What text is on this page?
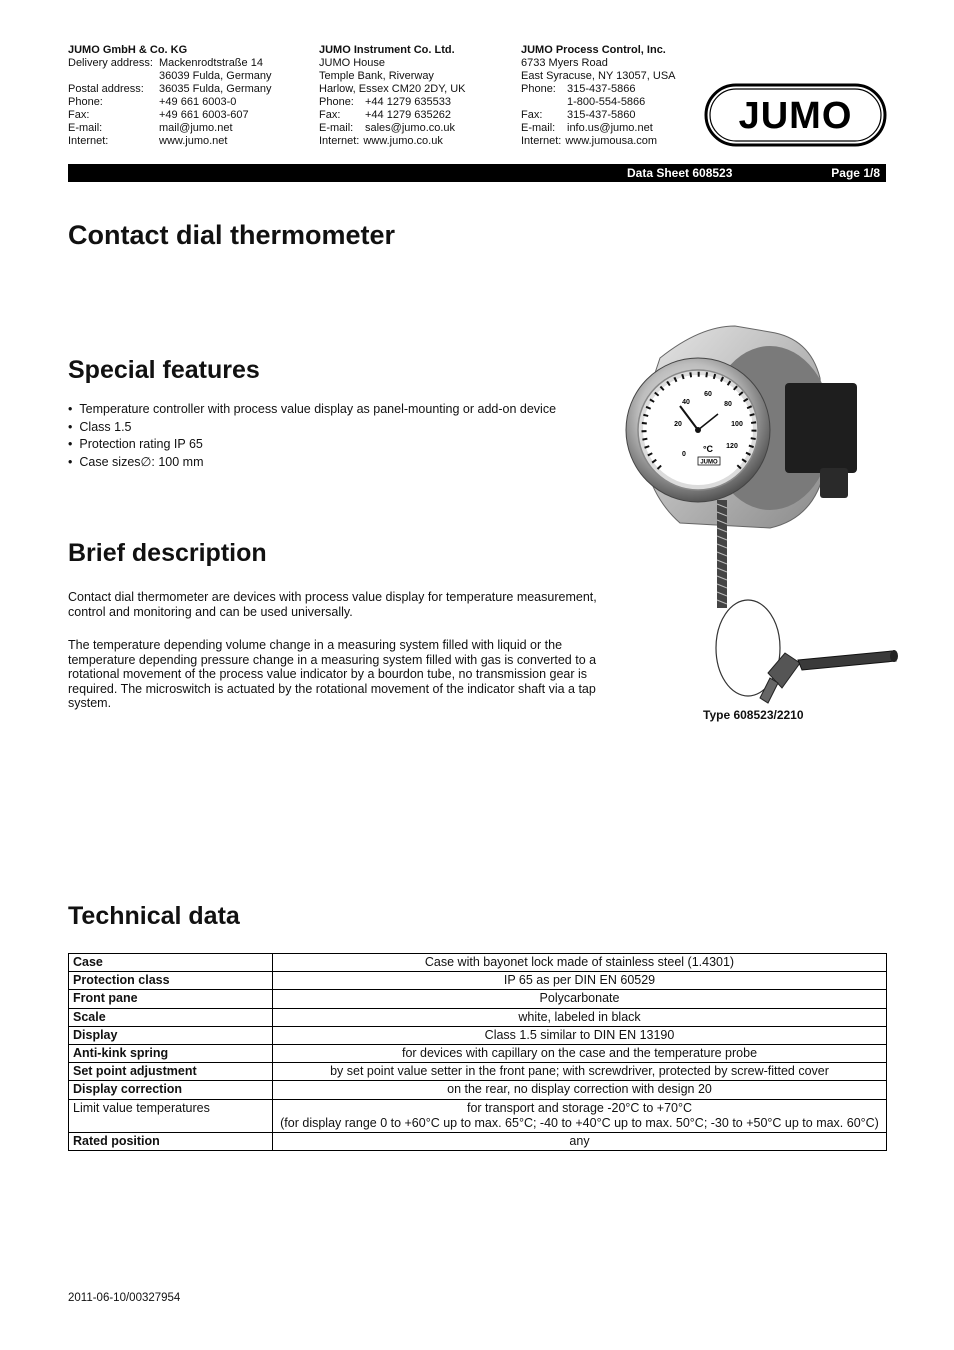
JUMO GmbH & Co. KG
Delivery address: Mackenrodtstraße 14
36039 Fulda, Germany
Postal address:	36035 Fulda, Germany
Phone:	+49 661 6003-0
Fax:	+49 661 6003-607
E-mail:	mail@jumo.net
Internet:	www.jumo.net
JUMO Instrument Co. Ltd.
JUMO House
Temple Bank, Riverway
Harlow, Essex CM20 2DY, UK
Phone:	+44 1279 635533
Fax:	+44 1279 635262
E-mail:	sales@jumo.co.uk
Internet: www.jumo.co.uk
JUMO Process Control, Inc.
6733 Myers Road
East Syracuse, NY 13057, USA
Phone:	315-437-5866
1-800-554-5866
Fax:	315-437-5860
E-mail:	info.us@jumo.net
Internet: www.jumousa.com
JUMO
Data Sheet 608523	Page 1/8
Contact dial thermometer
Special features
• Temperature controller with process value display as panel-mounting or add-on device
• Class 1.5
• Protection rating IP 65
• Case sizes∅: 100 mm
Brief description

Contact dial thermometer are devices with process value display for temperature measurement, control and monitoring and can be used universally.

The temperature depending volume change in a measuring system filled with liquid or the temperature depending pressure change in a measuring system filled with gas is converted to a rotational movement of the process value indicator by a bourdon tube, no transmission gear is required. The microswitch is actuated by the rotational movement of the indicator shaft via a tap system.

0
20
40
60
80
100
120
°C
JUMO
Type 608523/2210
Technical data
Case	Case with bayonet lock made of stainless steel (1.4301)
Protection class	IP 65 as per DIN EN 60529
Front pane	Polycarbonate
Scale	white, labeled in black
Display	Class 1.5 similar to DIN EN 13190
Anti-kink spring	for devices with capillary on the case and the temperature probe
Set point adjustment	by set point value setter in the front pane; with screwdriver, protected by screw-fitted cover
Display correction	on the rear, no display correction with design 20
Limit value temperatures	for transport and storage -20°C to +70°C
(for display range 0 to +60°C up to max. 65°C; -40 to +40°C up to max. 50°C; -30 to +50°C up to max. 60°C)

Rated position	any
2011-06-10/00327954
